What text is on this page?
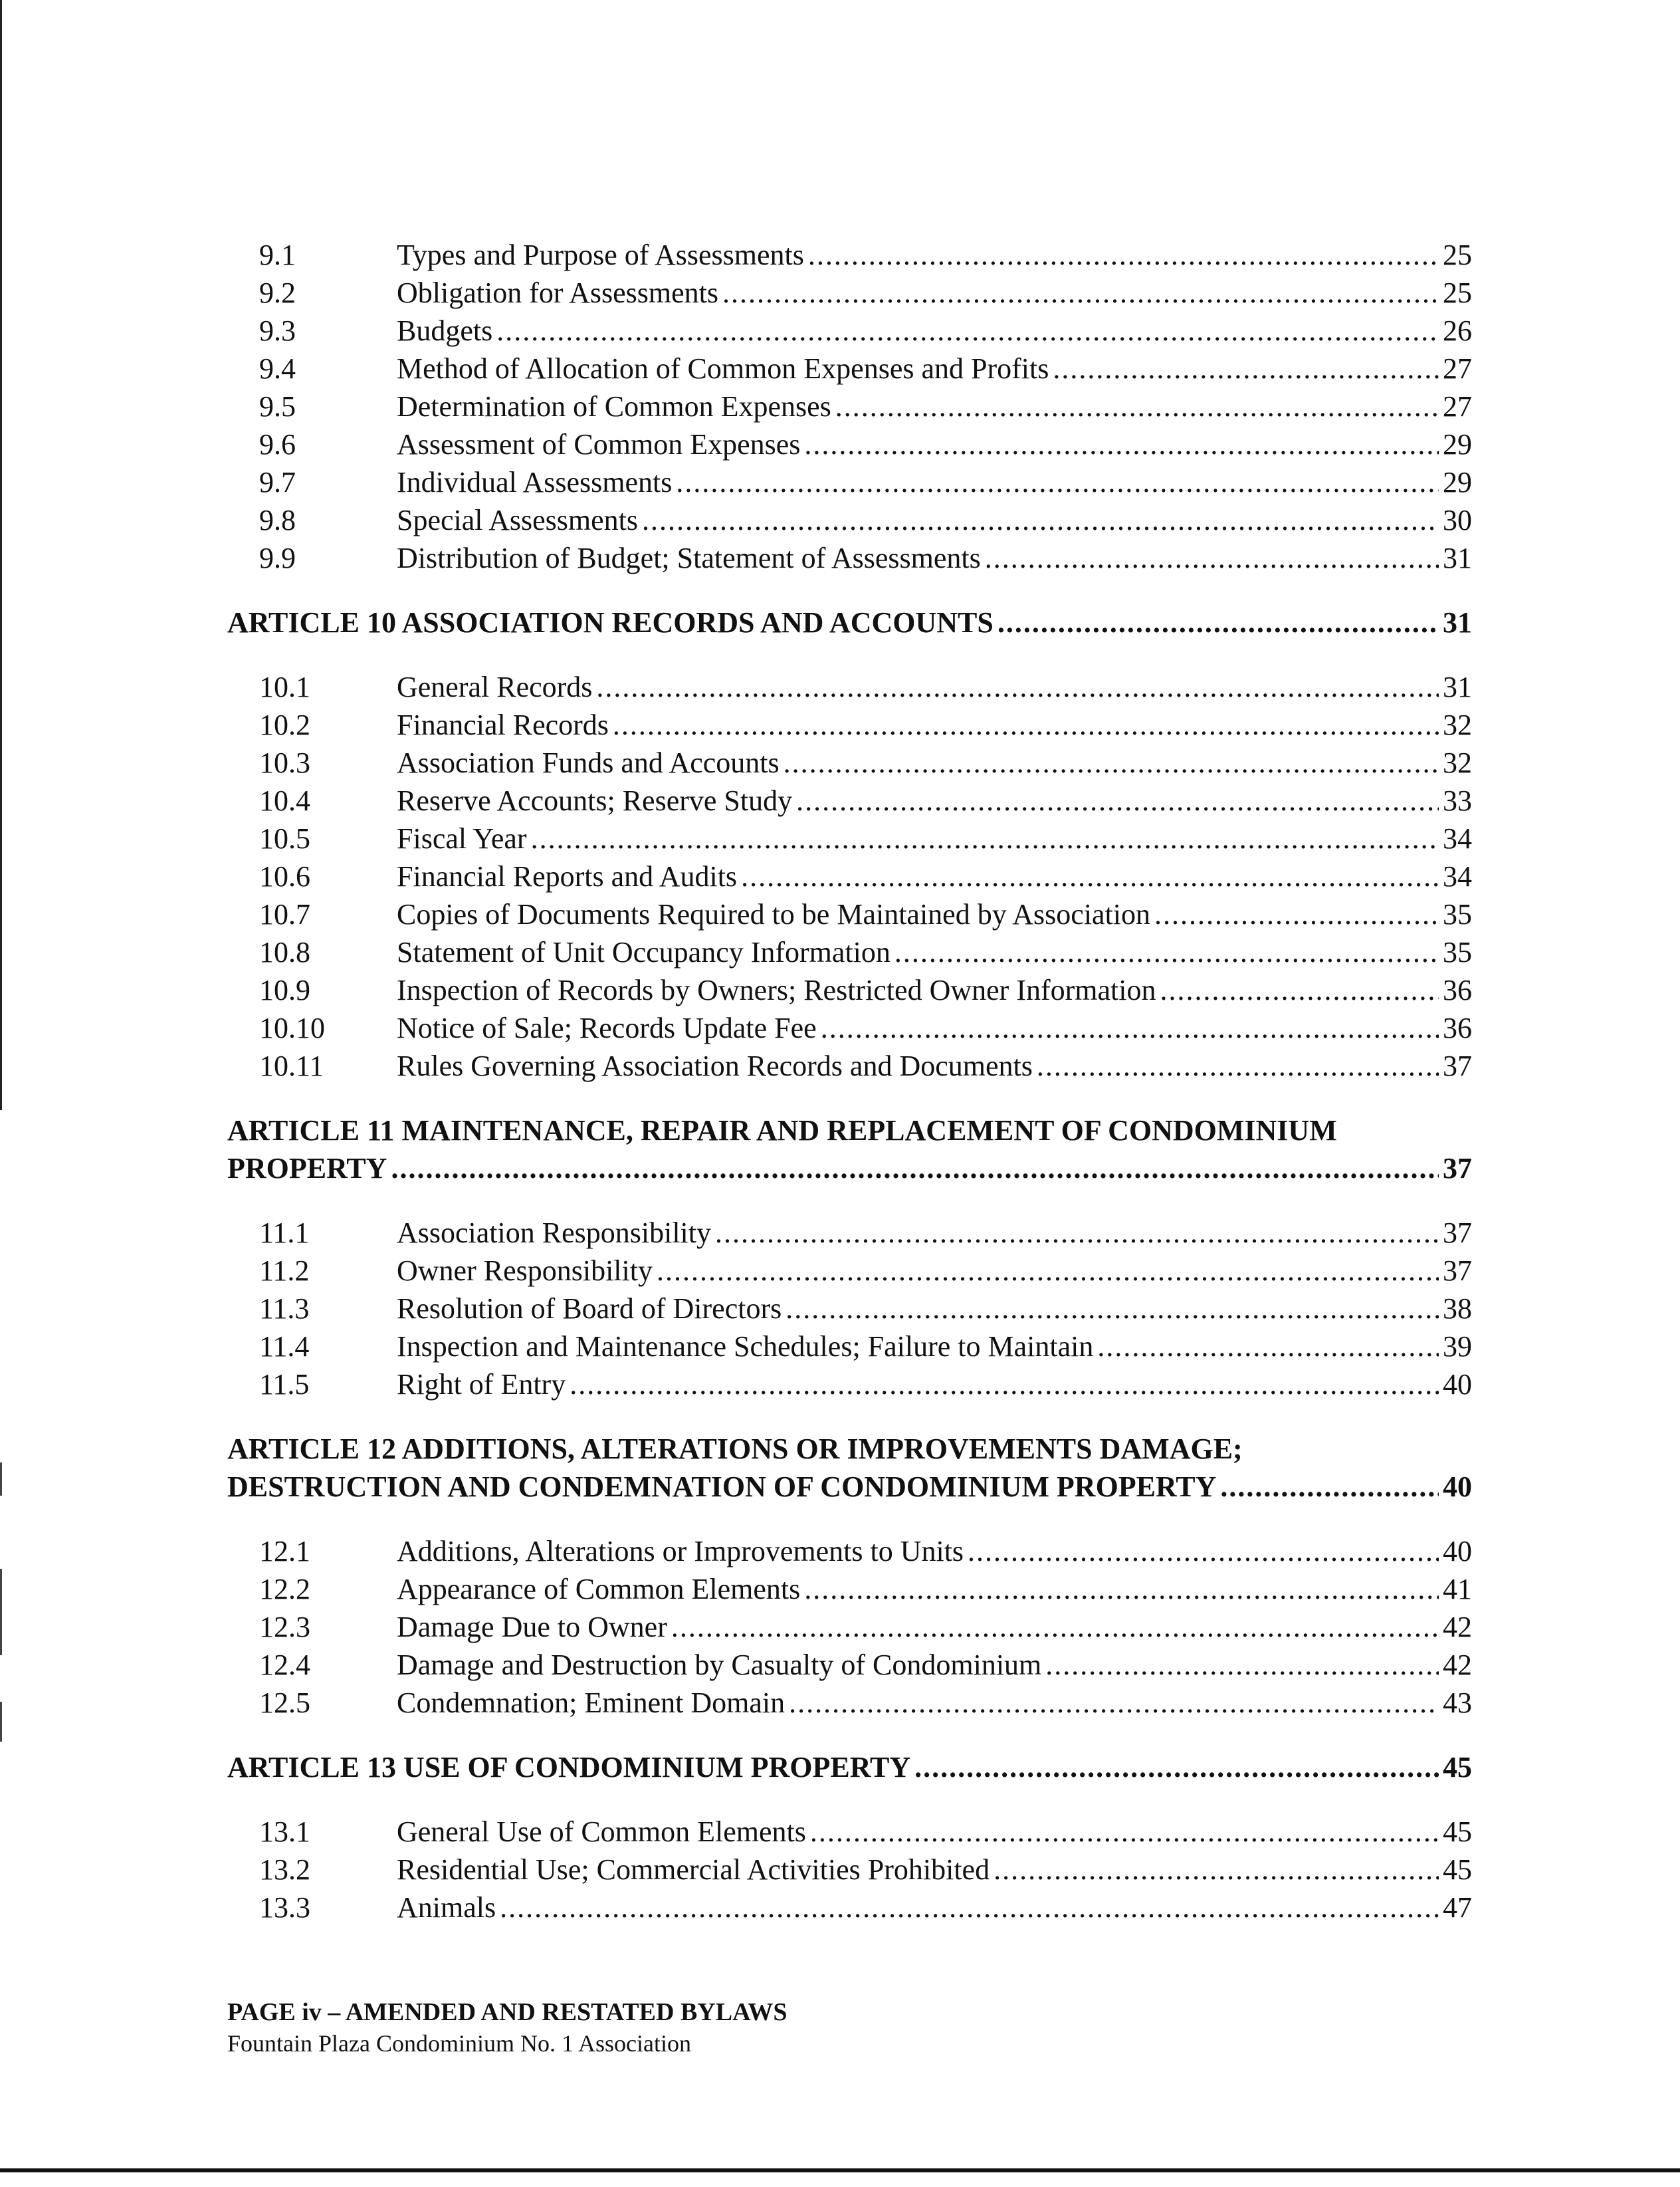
9.1	Types and Purpose of Assessments .....	25
9.2	Obligation for Assessments .....	25
9.3	Budgets .....	26
9.4	Method of Allocation of Common Expenses and Profits .....	27
9.5	Determination of Common Expenses .....	27
9.6	Assessment of Common Expenses .....	29
9.7	Individual Assessments .....	29
9.8	Special Assessments .....	30
9.9	Distribution of Budget; Statement of Assessments .....	31
ARTICLE 10 ASSOCIATION RECORDS AND ACCOUNTS .....	31
10.1	General Records .....	31
10.2	Financial Records .....	32
10.3	Association Funds and Accounts .....	32
10.4	Reserve Accounts; Reserve Study .....	33
10.5	Fiscal Year .....	34
10.6	Financial Reports and Audits .....	34
10.7	Copies of Documents Required to be Maintained by Association .....	35
10.8	Statement of Unit Occupancy Information .....	35
10.9	Inspection of Records by Owners; Restricted Owner Information .....	36
10.10 Notice of Sale; Records Update Fee .....	36
10.11 Rules Governing Association Records and Documents .....	37
ARTICLE 11 MAINTENANCE, REPAIR AND REPLACEMENT OF CONDOMINIUM
PROPERTY .....	37
11.1	Association Responsibility .....	37
11.2	Owner Responsibility .....	37
11.3	Resolution of Board of Directors .....	38
11.4	Inspection and Maintenance Schedules; Failure to Maintain .....	39
11.5	Right of Entry .....	40
ARTICLE 12 ADDITIONS, ALTERATIONS OR IMPROVEMENTS DAMAGE;
DESTRUCTION AND CONDEMNATION OF CONDOMINIUM PROPERTY .....	40
12.1	Additions, Alterations or Improvements to Units .....	40
12.2	Appearance of Common Elements .....	41
12.3	Damage Due to Owner .....	42
12.4	Damage and Destruction by Casualty of Condominium .....	42
12.5	Condemnation; Eminent Domain .....	43
ARTICLE 13 USE OF CONDOMINIUM PROPERTY .....	45
13.1	General Use of Common Elements .....	45
13.2	Residential Use; Commercial Activities Prohibited .....	45
13.3	Animals .....	47
PAGE iv – AMENDED AND RESTATED BYLAWS
Fountain Plaza Condominium No. 1 Association
